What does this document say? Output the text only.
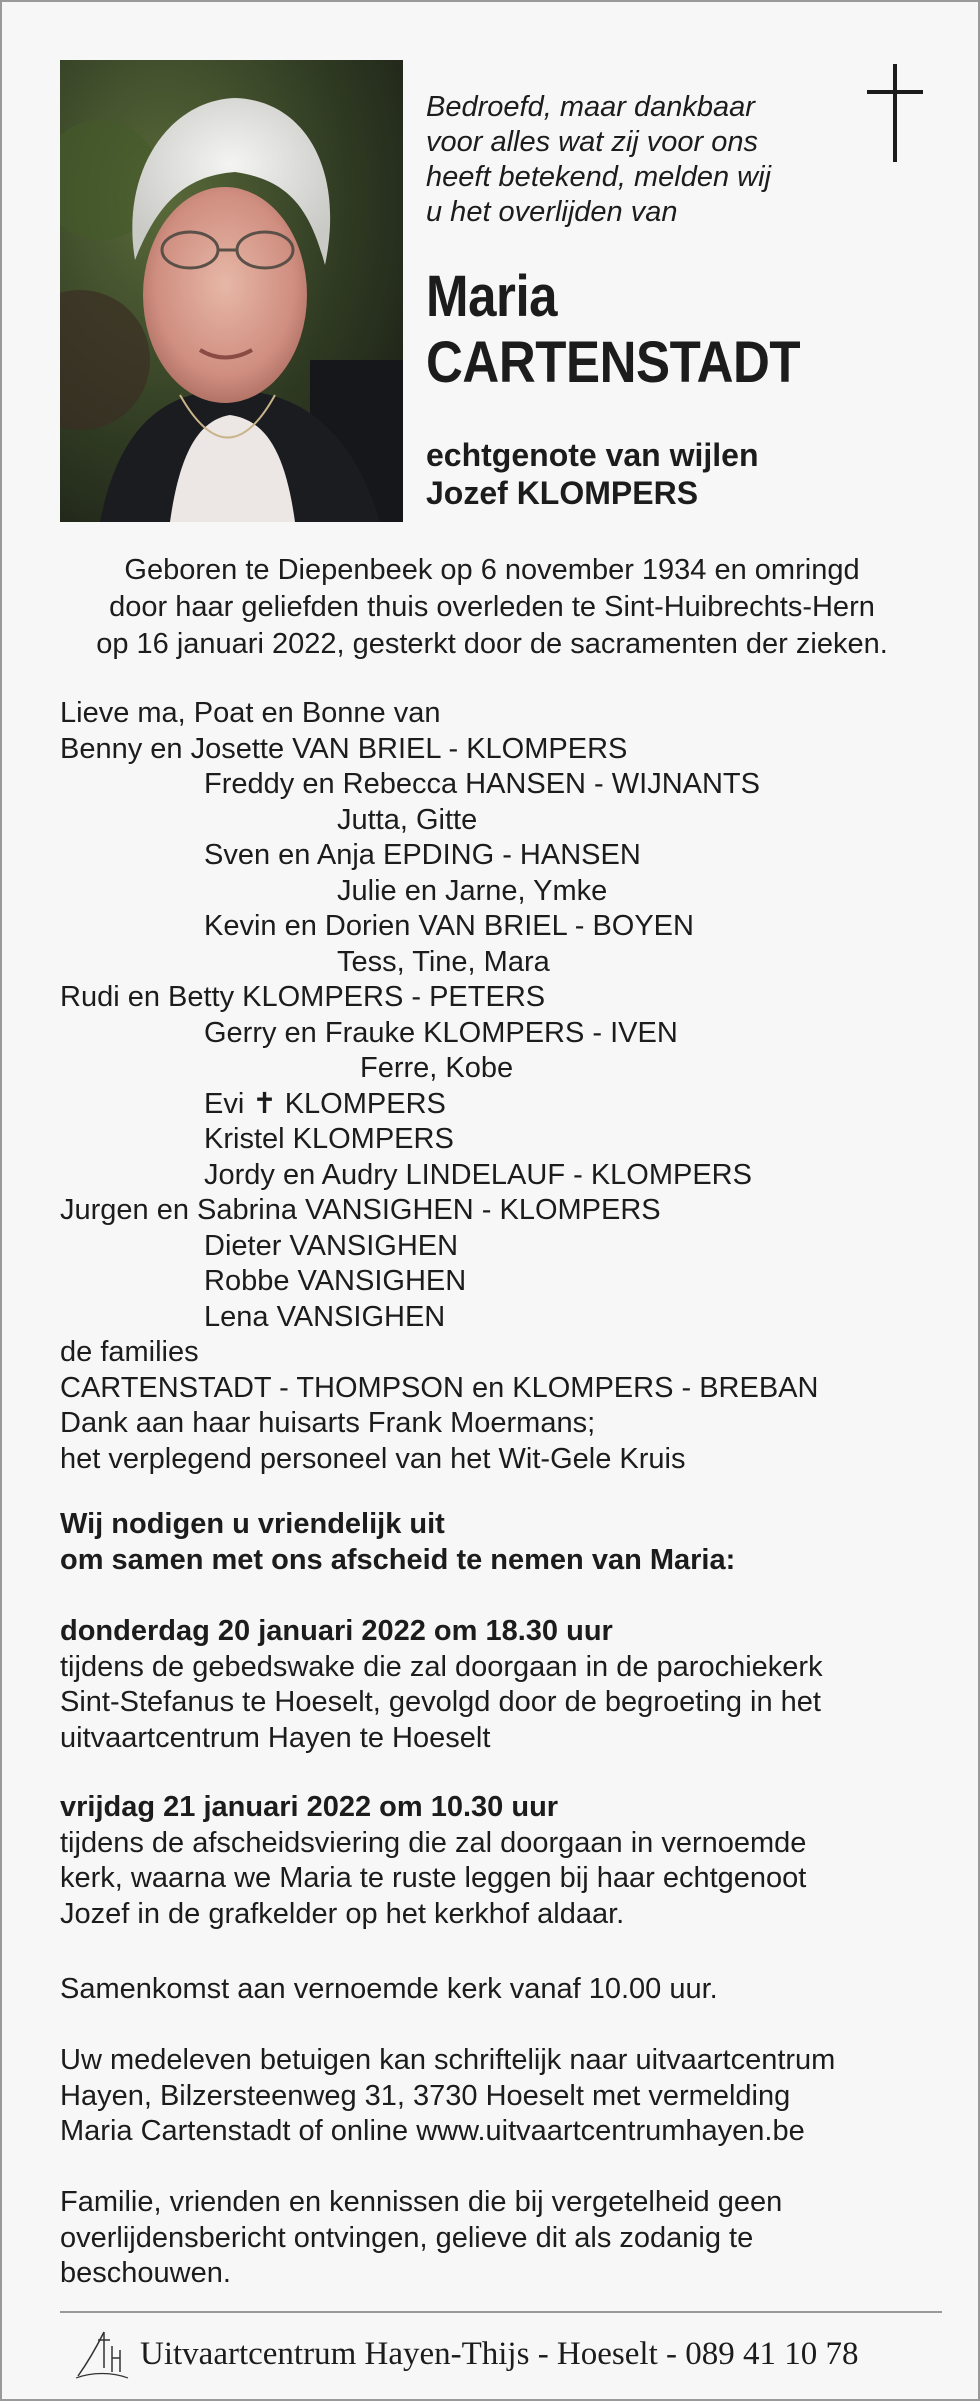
Bedroefd, maar dankbaar
voor alles wat zij voor ons
heeft betekend, melden wij
u het overlijden van

Maria
CARTENSTADT

echtgenote van wijlen
Jozef KLOMPERS

Geboren te Diepenbeek op 6 november 1934 en omringd
door haar geliefden thuis overleden te Sint-Huibrechts-Hern
op 16 januari 2022, gesterkt door de sacramenten der zieken.

Lieve ma, Poat en Bonne van
Benny en Josette VAN BRIEL - KLOMPERS
Freddy en Rebecca HANSEN - WIJNANTS
Jutta, Gitte
Sven en Anja EPDING - HANSEN
Julie en Jarne, Ymke
Kevin en Dorien VAN BRIEL - BOYEN
Tess, Tine, Mara
Rudi en Betty KLOMPERS - PETERS
Gerry en Frauke KLOMPERS - IVEN
Ferre, Kobe
Evi ✝ KLOMPERS
Kristel KLOMPERS
Jordy en Audry LINDELAUF - KLOMPERS
Jurgen en Sabrina VANSIGHEN - KLOMPERS
Dieter VANSIGHEN
Robbe VANSIGHEN
Lena VANSIGHEN
de families
CARTENSTADT - THOMPSON en KLOMPERS - BREBAN
Dank aan haar huisarts Frank Moermans;
het verplegend personeel van het Wit-Gele Kruis

Wij nodigen u vriendelijk uit
om samen met ons afscheid te nemen van Maria:

donderdag 20 januari 2022 om 18.30 uur
tijdens de gebedswake die zal doorgaan in de parochiekerk
Sint-Stefanus te Hoeselt, gevolgd door de begroeting in het
uitvaartcentrum Hayen te Hoeselt

vrijdag 21 januari 2022 om 10.30 uur
tijdens de afscheidsviering die zal doorgaan in vernoemde
kerk, waarna we Maria te ruste leggen bij haar echtgenoot
Jozef in de grafkelder op het kerkhof aldaar.

Samenkomst aan vernoemde kerk vanaf 10.00 uur.

Uw medeleven betuigen kan schriftelijk naar uitvaartcentrum
Hayen, Bilzersteenweg 31, 3730 Hoeselt met vermelding
Maria Cartenstadt of online www.uitvaartcentrumhayen.be

Familie, vrienden en kennissen die bij vergetelheid geen
overlijdensbericht ontvingen, gelieve dit als zodanig te
beschouwen.

Uitvaartcentrum Hayen-Thijs - Hoeselt - 089 41 10 78
